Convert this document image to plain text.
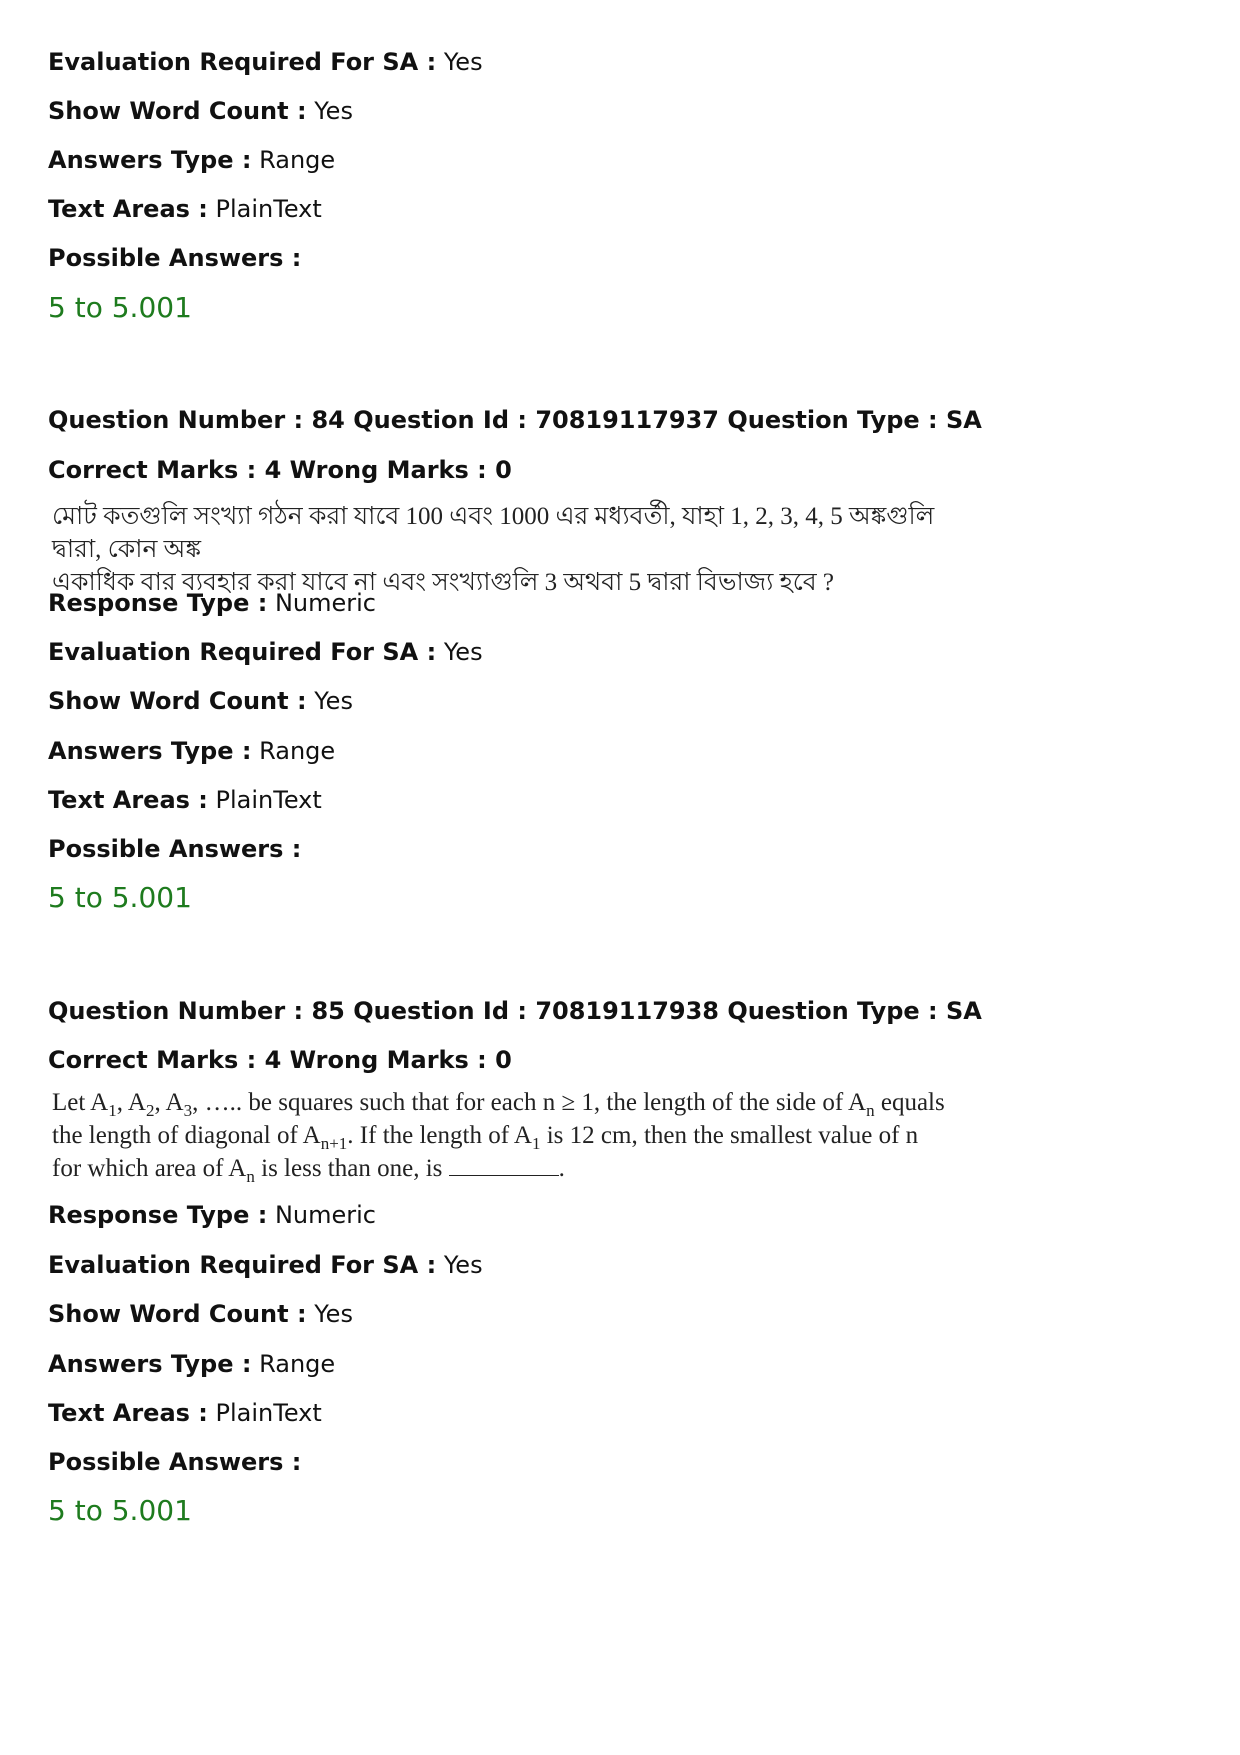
Evaluation Required For SA : Yes
Show Word Count : Yes
Answers Type : Range
Text Areas : PlainText
Possible Answers :
5 to 5.001
Question Number : 84 Question Id : 70819117937 Question Type : SA
Correct Marks : 4 Wrong Marks : 0
মোট কতগুলি সংখ্যা গঠন করা যাবে 100 এবং 1000 এর মধ্যবর্তী, যাহা 1, 2, 3, 4, 5 অঙ্কগুলি দ্বারা, কোন অঙ্ক
একাধিক বার ব্যবহার করা যাবে না এবং সংখ্যাগুলি 3 অথবা 5 দ্বারা বিভাজ্য হবে ?
Response Type : Numeric
Evaluation Required For SA : Yes
Show Word Count : Yes
Answers Type : Range
Text Areas : PlainText
Possible Answers :
5 to 5.001
Question Number : 85 Question Id : 70819117938 Question Type : SA
Correct Marks : 4 Wrong Marks : 0
Let $A_1$, $A_2$, $A_3$, ….. be squares such that for each n ≥ 1, the length of the side of $A_n$ equals the length of diagonal of $A_{n+1}$. If the length of $A_1$ is 12 cm, then the smallest value of n for which area of $A_n$ is less than one, is	.
Response Type : Numeric
Evaluation Required For SA : Yes
Show Word Count : Yes
Answers Type : Range
Text Areas : PlainText
Possible Answers :
5 to 5.001
